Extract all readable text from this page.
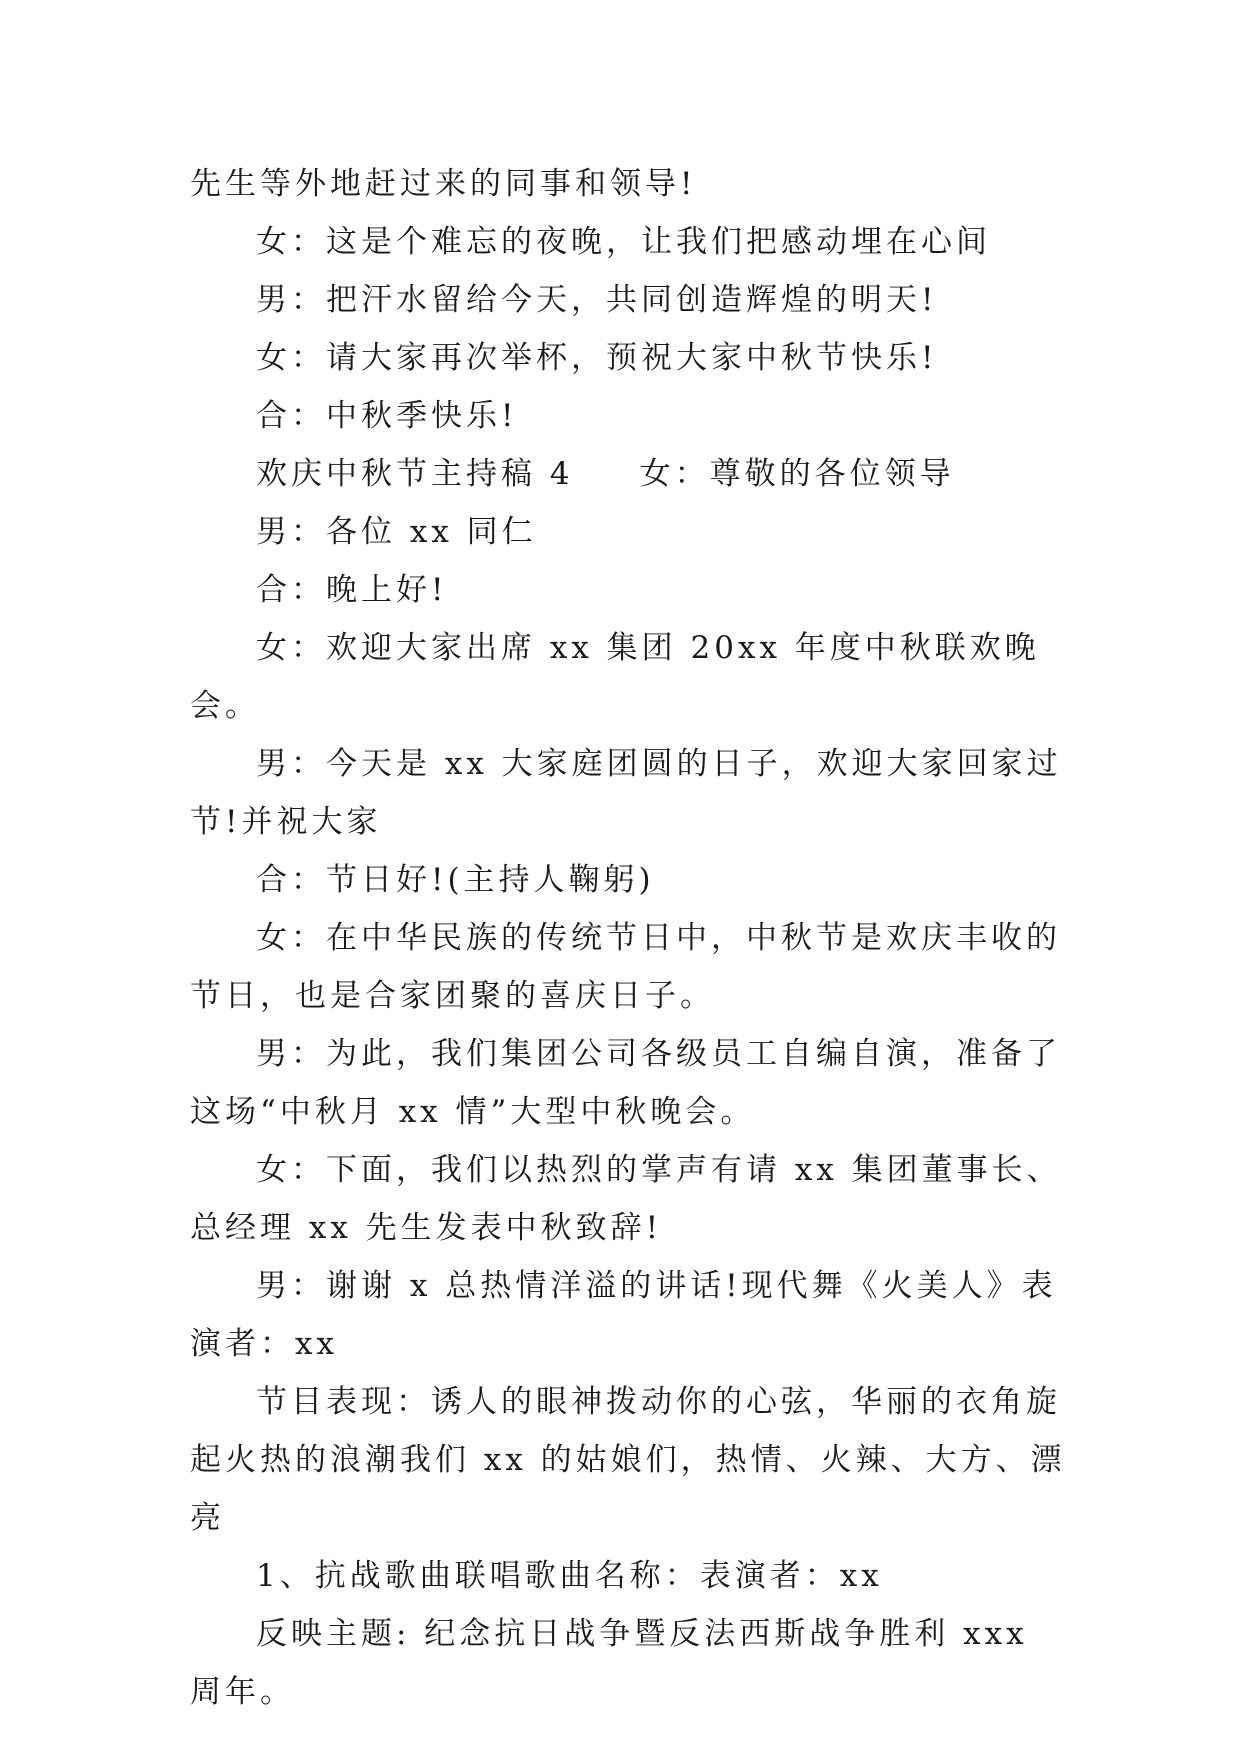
先生等外地赶过来的同事和领导!

女：这是个难忘的夜晚，让我们把感动埋在心间

男：把汗水留给今天，共同创造辉煌的明天!

女：请大家再次举杯，预祝大家中秋节快乐!

合：中秋季快乐!

欢庆中秋节主持稿 4 女：尊敬的各位领导

男：各位 xx 同仁

合：晚上好!

女：欢迎大家出席 xx 集团 20xx 年度中秋联欢晚会。

男：今天是 xx 大家庭团圆的日子，欢迎大家回家过节!并祝大家

合：节日好!(主持人鞠躬)

女：在中华民族的传统节日中，中秋节是欢庆丰收的节日，也是合家团聚的喜庆日子。

男：为此，我们集团公司各级员工自编自演，准备了这场“中秋月 xx 情”大型中秋晚会。

女：下面，我们以热烈的掌声有请 xx 集团董事长、总经理 xx 先生发表中秋致辞!

男：谢谢 x 总热情洋溢的讲话!现代舞《火美人》表演者：xx

节目表现：诱人的眼神拨动你的心弦，华丽的衣角旋起火热的浪潮我们 xx 的姑娘们，热情、火辣、大方、漂亮

1、抗战歌曲联唱歌曲名称：表演者：xx

反映主题: 纪念抗日战争暨反法西斯战争胜利 xxx 周年。
